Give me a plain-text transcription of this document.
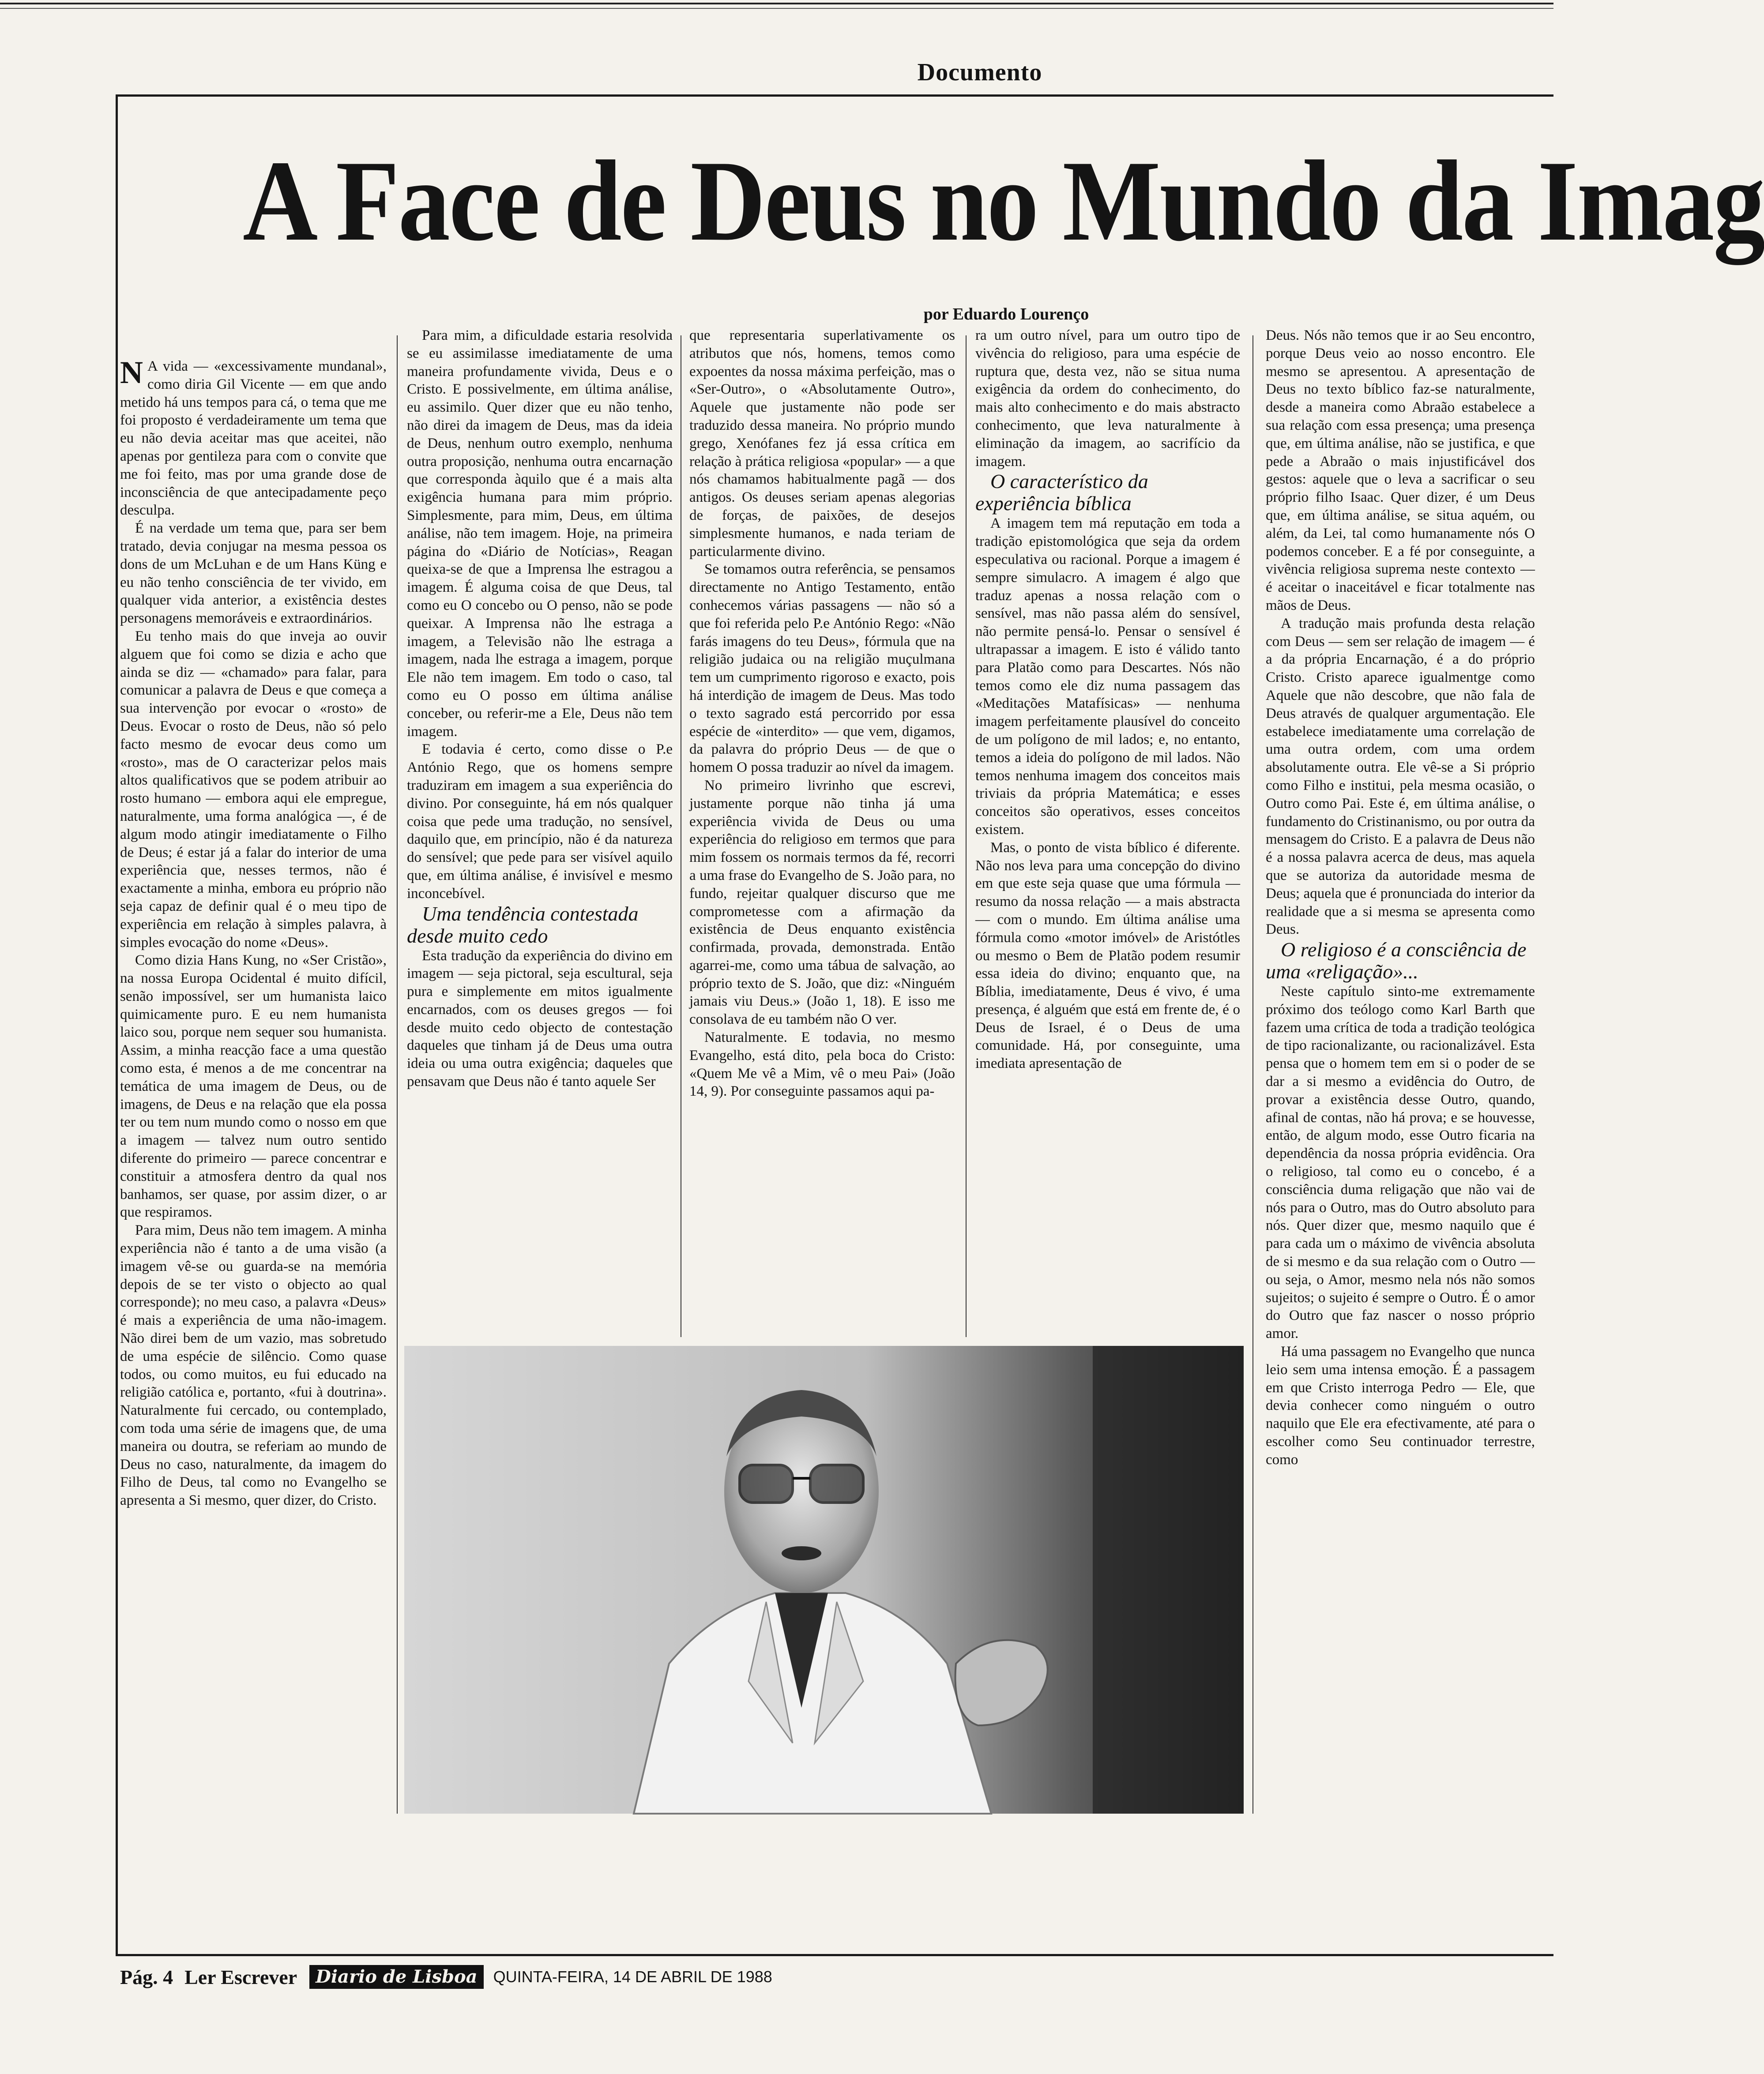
Documento
A Face de Deus no Mundo da Imag
por Eduardo Lourenço

N A vida — «excessivamente mundanal», como diria Gil Vicente — em que ando metido há uns tempos para cá, o tema que me foi proposto é verdadeiramente um tema que eu não devia aceitar mas que aceitei, não apenas por gentileza para com o convite que me foi feito, mas por uma grande dose de inconsciência de que antecipadamente peço desculpa.

É na verdade um tema que, para ser bem tratado, devia conjugar na mesma pessoa os dons de um McLuhan e de um Hans Küng e eu não tenho consciência de ter vivido, em qualquer vida anterior, a existência destes personagens memoráveis e extraordinários.

Eu tenho mais do que inveja ao ouvir alguem que foi como se dizia e acho que ainda se diz — «chamado» para falar, para comunicar a palavra de Deus e que começa a sua intervenção por evocar o «rosto» de Deus. Evocar o rosto de Deus, não só pelo facto mesmo de evocar deus como um «rosto», mas de O caracterizar pelos mais altos qualificativos que se podem atribuir ao rosto humano — embora aqui ele empregue, naturalmente, uma forma analógica —, é de algum modo atingir imediatamente o Filho de Deus; é estar já a falar do interior de uma experiência que, nesses termos, não é exactamente a minha, embora eu próprio não seja capaz de definir qual é o meu tipo de experiência em relação à simples palavra, à simples evocação do nome «Deus».

Como dizia Hans Kung, no «Ser Cristão», na nossa Europa Ocidental é muito difícil, senão impossível, ser um humanista laico quimicamente puro. E eu nem humanista laico sou, porque nem sequer sou humanista. Assim, a minha reacção face a uma questão como esta, é menos a de me concentrar na temática de uma imagem de Deus, ou de imagens, de Deus e na relação que ela possa ter ou tem num mundo como o nosso em que a imagem — talvez num outro sentido diferente do primeiro — parece concentrar e constituir a atmosfera dentro da qual nos banhamos, ser quase, por assim dizer, o ar que respiramos.

Para mim, Deus não tem imagem. A minha experiência não é tanto a de uma visão (a imagem vê-se ou guarda-se na memória depois de se ter visto o objecto ao qual corresponde); no meu caso, a palavra «Deus» é mais a experiência de uma não-imagem. Não direi bem de um vazio, mas sobretudo de uma espécie de silêncio. Como quase todos, ou como muitos, eu fui educado na religião católica e, portanto, «fui à doutrina». Naturalmente fui cercado, ou contemplado, com toda uma série de imagens que, de uma maneira ou doutra, se referiam ao mundo de Deus no caso, naturalmente, da imagem do Filho de Deus, tal como no Evangelho se apresenta a Si mesmo, quer dizer, do Cristo.

Para mim, a dificuldade estaria resolvida se eu assimilasse imediatamente de uma maneira profundamente vivida, Deus e o Cristo. E possivelmente, em última análise, eu assimilo. Quer dizer que eu não tenho, não direi da imagem de Deus, mas da ideia de Deus, nenhum outro exemplo, nenhuma outra proposição, nenhuma outra encarnação que corresponda àquilo que é a mais alta exigência humana para mim próprio. Simplesmente, para mim, Deus, em última análise, não tem imagem. Hoje, na primeira página do «Diário de Notícias», Reagan queixa-se de que a Imprensa lhe estragou a imagem. É alguma coisa de que Deus, tal como eu O concebo ou O penso, não se pode queixar. A Imprensa não lhe estraga a imagem, a Televisão não lhe estraga a imagem, nada lhe estraga a imagem, porque Ele não tem imagem. Em todo o caso, tal como eu O posso em última análise conceber, ou referir-me a Ele, Deus não tem imagem.

E todavia é certo, como disse o P.e António Rego, que os homens sempre traduziram em imagem a sua experiência do divino. Por conseguinte, há em nós qualquer coisa que pede uma tradução, no sensível, daquilo que, em princípio, não é da natureza do sensível; que pede para ser visível aquilo que, em última análise, é invisível e mesmo inconcebível.

Uma tendência contestada desde muito cedo

Esta tradução da experiência do divino em imagem — seja pictoral, seja escultural, seja pura e simplemente em mitos igualmente encarnados, com os deuses gregos — foi desde muito cedo objecto de contestação daqueles que tinham já de Deus uma outra ideia ou uma outra exigência; daqueles que pensavam que Deus não é tanto aquele Ser

que representaria superlativamente os atributos que nós, homens, temos como expoentes da nossa máxima perfeição, mas o «Ser-Outro», o «Absolutamente Outro», Aquele que justamente não pode ser traduzido dessa maneira. No próprio mundo grego, Xenófanes fez já essa crítica em relação à prática religiosa «popular» — a que nós chamamos habitualmente pagã — dos antigos. Os deuses seriam apenas alegorias de forças, de paixões, de desejos simplesmente humanos, e nada teriam de particularmente divino.

Se tomamos outra referência, se pensamos directamente no Antigo Testamento, então conhecemos várias passagens — não só a que foi referida pelo P.e António Rego: «Não farás imagens do teu Deus», fórmula que na religião judaica ou na religião muçulmana tem um cumprimento rigoroso e exacto, pois há interdição de imagem de Deus. Mas todo o texto sagrado está percorrido por essa espécie de «interdito» — que vem, digamos, da palavra do próprio Deus — de que o homem O possa traduzir ao nível da imagem.

No primeiro livrinho que escrevi, justamente porque não tinha já uma experiência vivida de Deus ou uma experiência do religioso em termos que para mim fossem os normais termos da fé, recorri a uma frase do Evangelho de S. João para, no fundo, rejeitar qualquer discurso que me comprometesse com a afirmação da existência de Deus enquanto existência confirmada, provada, demonstrada. Então agarrei-me, como uma tábua de salvação, ao próprio texto de S. João, que diz: «Ninguém jamais viu Deus.» (João 1, 18). E isso me consolava de eu também não O ver.

Naturalmente. E todavia, no mesmo Evangelho, está dito, pela boca do Cristo: «Quem Me vê a Mim, vê o meu Pai» (João 14, 9). Por conseguinte passamos aqui pa-

ra um outro nível, para um outro tipo de vivência do religioso, para uma espécie de ruptura que, desta vez, não se situa numa exigência da ordem do conhecimento, do mais alto conhecimento e do mais abstracto conhecimento, que leva naturalmente à eliminação da imagem, ao sacrifício da imagem.

O característico da experiência bíblica

A imagem tem má reputação em toda a tradição epistomológica que seja da ordem especulativa ou racional. Porque a imagem é sempre simulacro. A imagem é algo que traduz apenas a nossa relação com o sensível, mas não passa além do sensível, não permite pensá-lo. Pensar o sensível é ultrapassar a imagem. E isto é válido tanto para Platão como para Descartes. Nós não temos como ele diz numa passagem das «Meditações Matafísicas» — nenhuma imagem perfeitamente plausível do conceito de um polígono de mil lados; e, no entanto, temos a ideia do polígono de mil lados. Não temos nenhuma imagem dos conceitos mais triviais da própria Matemática; e esses conceitos são operativos, esses conceitos existem.

Mas, o ponto de vista bíblico é diferente. Não nos leva para uma concepção do divino em que este seja quase que uma fórmula — resumo da nossa relação — a mais abstracta — com o mundo. Em última análise uma fórmula como «motor imóvel» de Aristótles ou mesmo o Bem de Platão podem resumir essa ideia do divino; enquanto que, na Bíblia, imediatamente, Deus é vivo, é uma presença, é alguém que está em frente de, é o Deus de Israel, é o Deus de uma comunidade. Há, por conseguinte, uma imediata apresentação de

Deus. Nós não temos que ir ao Seu encontro, porque Deus veio ao nosso encontro. Ele mesmo se apresentou. A apresentação de Deus no texto bíblico faz-se naturalmente, desde a maneira como Abraão estabelece a sua relação com essa presença; uma presença que, em última análise, não se justifica, e que pede a Abraão o mais injustificável dos gestos: aquele que o leva a sacrificar o seu próprio filho Isaac. Quer dizer, é um Deus que, em última análise, se situa aquém, ou além, da Lei, tal como humanamente nós O podemos conceber. E a fé por conseguinte, a vivência religiosa suprema neste contexto — é aceitar o inaceitável e ficar totalmente nas mãos de Deus.

A tradução mais profunda desta relação com Deus — sem ser relação de imagem — é a da própria Encarnação, é a do próprio Cristo. Cristo aparece igualmentge como Aquele que não descobre, que não fala de Deus através de qualquer argumentação. Ele estabelece imediatamente uma correlação de uma outra ordem, com uma ordem absolutamente outra. Ele vê-se a Si próprio como Filho e institui, pela mesma ocasião, o Outro como Pai. Este é, em última análise, o fundamento do Cristinanismo, ou por outra da mensagem do Cristo. E a palavra de Deus não é a nossa palavra acerca de deus, mas aquela que se autoriza da autoridade mesma de Deus; aquela que é pronunciada do interior da realidade que a si mesma se apresenta como Deus.

O religioso é a consciência de uma «religação»...

Neste capítulo sinto-me extremamente próximo dos teólogo como Karl Barth que fazem uma crítica de toda a tradição teológica de tipo racionalizante, ou racionalizável. Esta pensa que o homem tem em si o poder de se dar a si mesmo a evidência do Outro, de provar a existência desse Outro, quando, afinal de contas, não há prova; e se houvesse, então, de algum modo, esse Outro ficaria na dependência da nossa própria evidência. Ora o religioso, tal como eu o concebo, é a consciência duma religação que não vai de nós para o Outro, mas do Outro absoluto para nós. Quer dizer que, mesmo naquilo que é para cada um o máximo de vivência absoluta de si mesmo e da sua relação com o Outro — ou seja, o Amor, mesmo nela nós não somos sujeitos; o sujeito é sempre o Outro. É o amor do Outro que faz nascer o nosso próprio amor.

Há uma passagem no Evangelho que nunca leio sem uma intensa emoção. É a passagem em que Cristo interroga Pedro — Ele, que devia conhecer como ninguém o outro naquilo que Ele era efectivamente, até para o escolher como Seu continuador terrestre, como

Pág. 4 Ler Escrever	Diario de Lisboa	QUINTA-FEIRA, 14 DE ABRIL DE 1988
